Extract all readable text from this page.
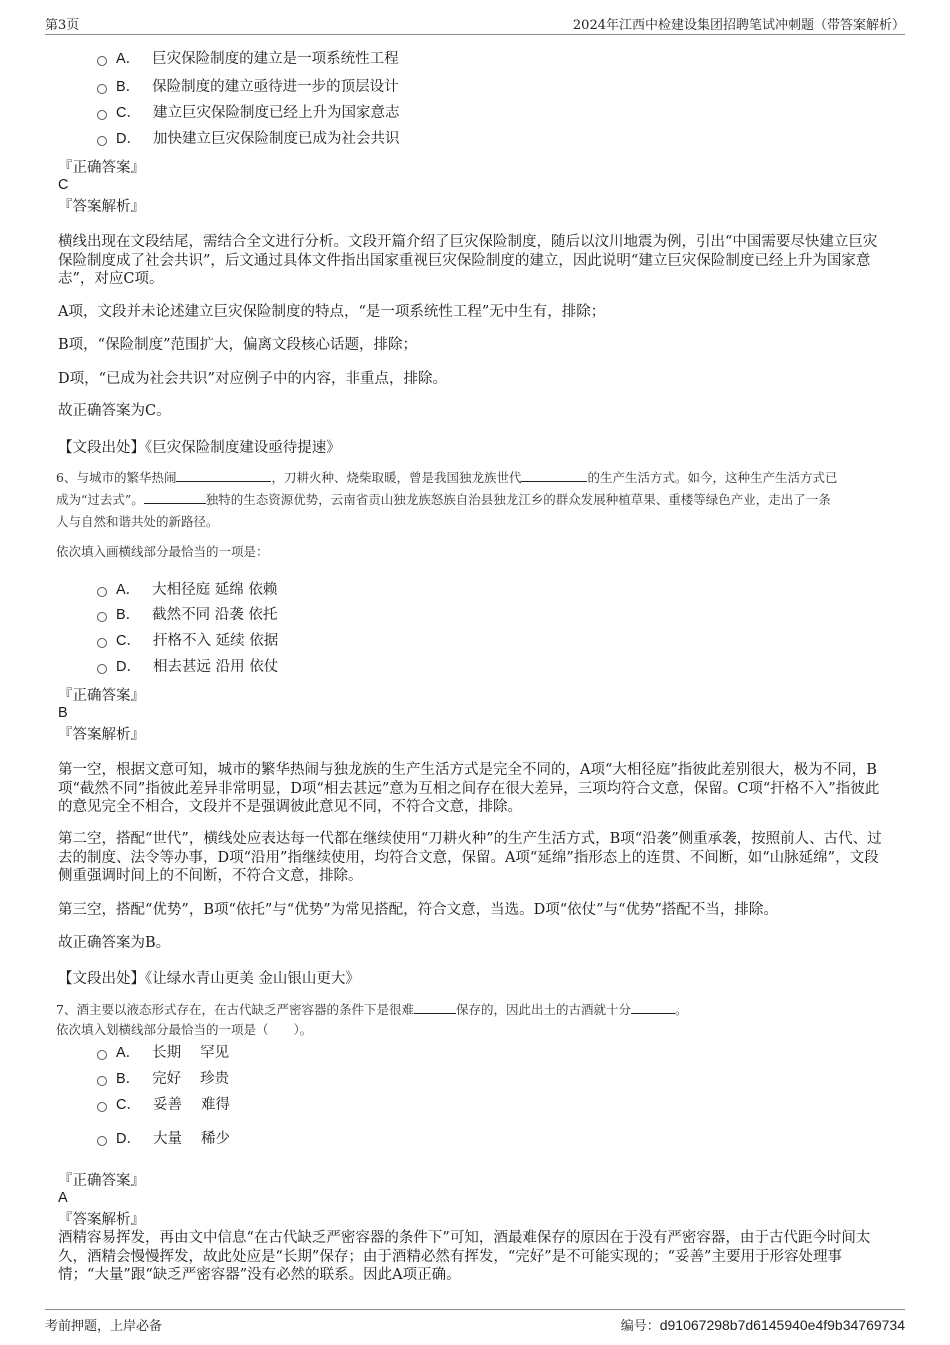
第3页	2024年江西中检建设集团招聘笔试冲刺题（带答案解析）
A． 巨灾保险制度的建立是一项系统性工程
B． 保险制度的建立亟待进一步的顶层设计
C． 建立巨灾保险制度已经上升为国家意志
D． 加快建立巨灾保险制度已成为社会共识
『正确答案』
C
『答案解析』

横线出现在文段结尾，需结合全文进行分析。文段开篇介绍了巨灾保险制度，随后以汶川地震为例，引出“中国需要尽快建立巨灾保险制度成了社会共识”，后文通过具体文件指出国家重视巨灾保险制度的建立，因此说明“建立巨灾保险制度已经上升为国家意志”，对应C项。

A项，文段并未论述建立巨灾保险制度的特点，“是一项系统性工程”无中生有，排除；

B项，“保险制度”范围扩大，偏离文段核心话题，排除；

D项，“已成为社会共识”对应例子中的内容，非重点，排除。

故正确答案为C。

【文段出处】《巨灾保险制度建设亟待提速》
6、与城市的繁华热闹	，刀耕火种、烧柴取暖，曾是我国独龙族世代	的生产生活方式。如今，这种生产生活方式已
成为“过去式”。	独特的生态资源优势，云南省贡山独龙族怒族自治县独龙江乡的群众发展种植草果、重楼等绿色产业，走出了一条
人与自然和谐共处的新路径。
依次填入画横线部分最恰当的一项是：
A． 大相径庭 延绵 依赖
B． 截然不同 沿袭 依托
C． 扞格不入 延续 依据
D． 相去甚远 沿用 依仗
『正确答案』
B
『答案解析』

第一空，根据文意可知，城市的繁华热闹与独龙族的生产生活方式是完全不同的，A项“大相径庭”指彼此差别很大，极为不同，B项“截然不同”指彼此差异非常明显，D项“相去甚远”意为互相之间存在很大差异，三项均符合文意，保留。C项“扞格不入”指彼此的意见完全不相合，文段并不是强调彼此意见不同，不符合文意，排除。

第二空，搭配“世代”，横线处应表达每一代都在继续使用“刀耕火种”的生产生活方式，B项“沿袭”侧重承袭，按照前人、古代、过去的制度、法令等办事，D项“沿用”指继续使用，均符合文意，保留。A项“延绵”指形态上的连贯、不间断，如“山脉延绵”，文段侧重强调时间上的不间断，不符合文意，排除。

第三空，搭配“优势”，B项“依托”与“优势”为常见搭配，符合文意，当选。D项“依仗”与“优势”搭配不当，排除。

故正确答案为B。

【文段出处】《让绿水青山更美 金山银山更大》
7、酒主要以液态形式存在，在古代缺乏严密容器的条件下是很难	保存的，因此出土的古酒就十分	。
依次填入划横线部分最恰当的一项是（　　）。
A． 长期 罕见
B． 完好 珍贵
C． 妥善 难得
D． 大量 稀少
『正确答案』
A
『答案解析』

酒精容易挥发，再由文中信息“在古代缺乏严密容器的条件下”可知，酒最难保存的原因在于没有严密容器，由于古代距今时间太久，酒精会慢慢挥发，故此处应是“长期”保存；由于酒精必然有挥发，“完好”是不可能实现的；“妥善”主要用于形容处理事情；“大量”跟“缺乏严密容器”没有必然的联系。因此A项正确。

考前押题，上岸必备	编号：d91067298b7d6145940e4f9b34769734
